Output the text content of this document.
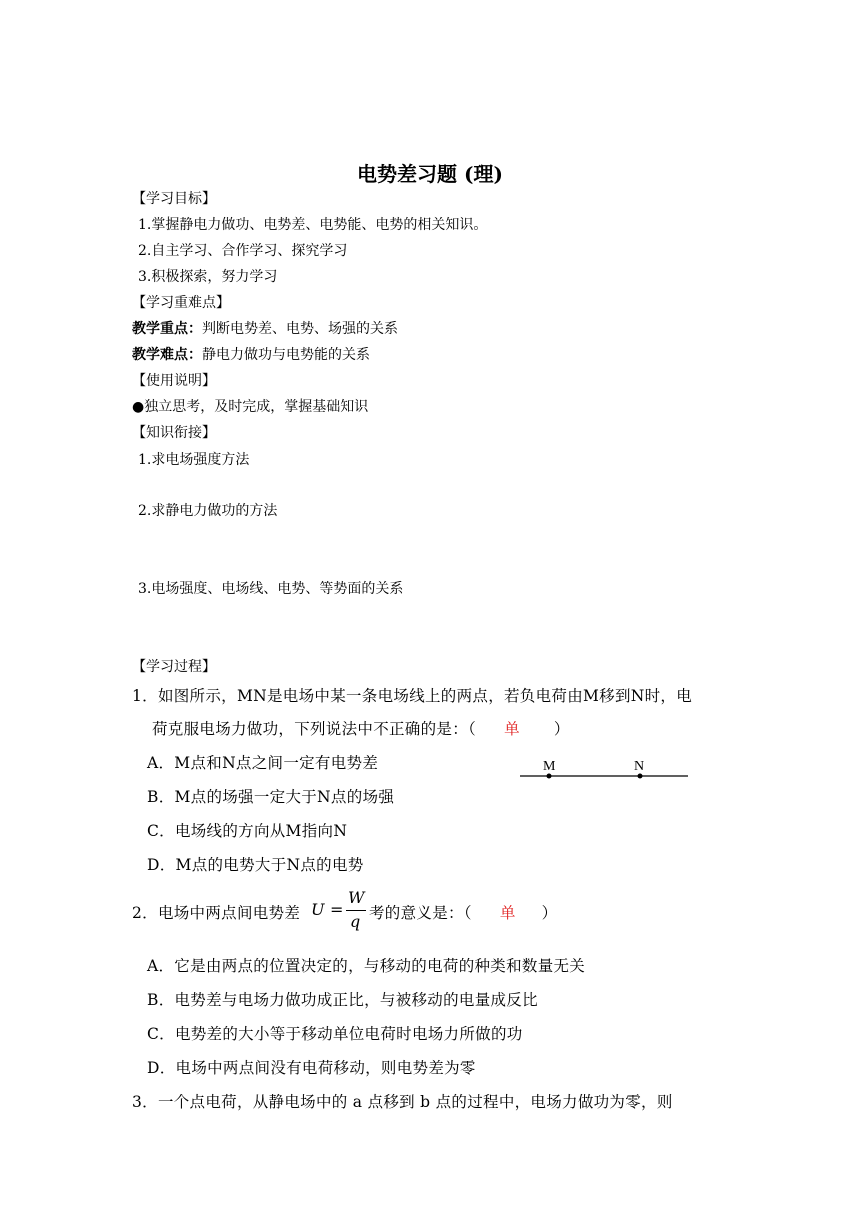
电势差习题 (理)
【学习目标】
1.掌握静电力做功、电势差、电势能、电势的相关知识。
2.自主学习、合作学习、探究学习
3.积极探索，努力学习
【学习重难点】
教学重点：判断电势差、电势、场强的关系
教学难点：静电力做功与电势能的关系
【使用说明】
●独立思考，及时完成，掌握基础知识
【知识衔接】
1.求电场强度方法
2.求静电力做功的方法
3.电场强度、电场线、电势、等势面的关系
【学习过程】
1．如图所示，MN是电场中某一条电场线上的两点，若负电荷由M移到N时，电
荷克服电场力做功，下列说法中不正确的是：（ 单 ）
A．M点和N点之间一定有电势差
B．M点的场强一定大于N点的场强
C．电场线的方向从M指向N
D．M点的电势大于N点的电势
M	N
2．电场中两点间电势差 U =
W
q 考的意义是：（ 单 ）
A．它是由两点的位置决定的，与移动的电荷的种类和数量无关
B．电势差与电场力做功成正比，与被移动的电量成反比
C．电势差的大小等于移动单位电荷时电场力所做的功
D．电场中两点间没有电荷移动，则电势差为零
3．一个点电荷，从静电场中的 a 点移到 b 点的过程中，电场力做功为零，则
